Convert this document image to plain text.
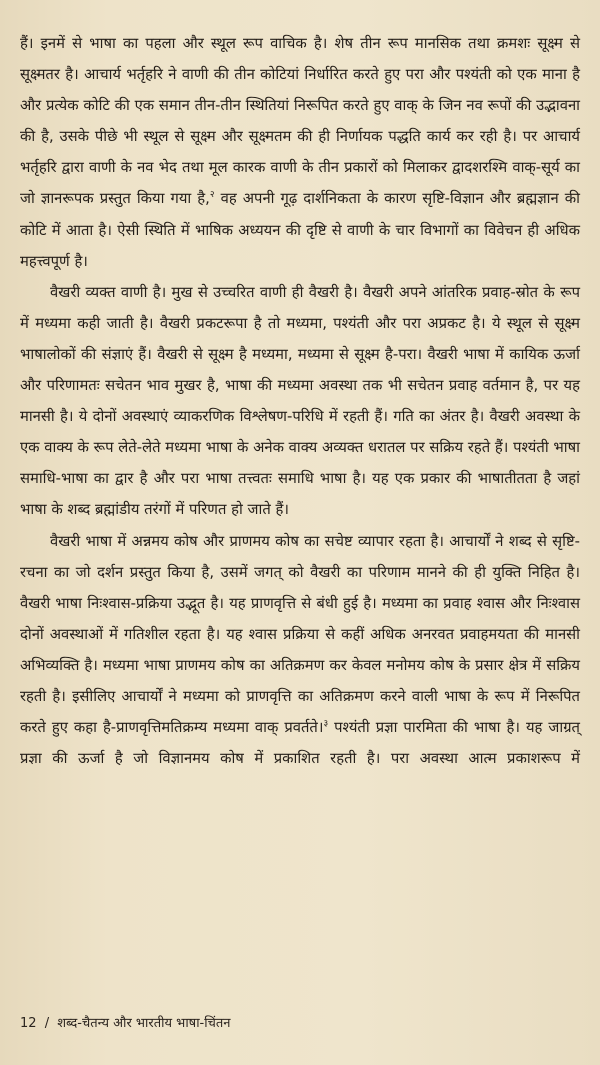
हैं। इनमें से भाषा का पहला और स्थूल रूप वाचिक है। शेष तीन रूप मानसिक तथा क्रमशः सूक्ष्म से सूक्ष्मतर है। आचार्य भर्तृहरि ने वाणी की तीन कोटियां निर्धारित करते हुए परा और पश्यंती को एक माना है और प्रत्येक कोटि की एक समान तीन-तीन स्थितियां निरूपित करते हुए वाक् के जिन नव रूपों की उद्भावना की है, उसके पीछे भी स्थूल से सूक्ष्म और सूक्ष्मतम की ही निर्णायक पद्धति कार्य कर रही है। पर आचार्य भर्तृहरि द्वारा वाणी के नव भेद तथा मूल कारक वाणी के तीन प्रकारों को मिलाकर द्वादशरश्मि वाक्-सूर्य का जो ज्ञानरूपक प्रस्तुत किया गया है,$^२$ वह अपनी गूढ़ दार्शनिकता के कारण सृष्टि-विज्ञान और ब्रह्मज्ञान की कोटि में आता है। ऐसी स्थिति में भाषिक अध्ययन की दृष्टि से वाणी के चार विभागों का विवेचन ही अधिक महत्त्वपूर्ण है।

वैखरी व्यक्त वाणी है। मुख से उच्चरित वाणी ही वैखरी है। वैखरी अपने आंतरिक प्रवाह-स्रोत के रूप में मध्यमा कही जाती है। वैखरी प्रकटरूपा है तो मध्यमा, पश्यंती और परा अप्रकट है। ये स्थूल से सूक्ष्म भाषालोकों की संज्ञाएं हैं। वैखरी से सूक्ष्म है मध्यमा, मध्यमा से सूक्ष्म है-परा। वैखरी भाषा में कायिक ऊर्जा और परिणामतः सचेतन भाव मुखर है, भाषा की मध्यमा अवस्था तक भी सचेतन प्रवाह वर्तमान है, पर यह मानसी है। ये दोनों अवस्थाएं व्याकरणिक विश्लेषण-परिधि में रहती हैं। गति का अंतर है। वैखरी अवस्था के एक वाक्य के रूप लेते-लेते मध्यमा भाषा के अनेक वाक्य अव्यक्त धरातल पर सक्रिय रहते हैं। पश्यंती भाषा समाधि-भाषा का द्वार है और परा भाषा तत्त्वतः समाधि भाषा है। यह एक प्रकार की भाषातीतता है जहां भाषा के शब्द ब्रह्मांडीय तरंगों में परिणत हो जाते हैं।

वैखरी भाषा में अन्नमय कोष और प्राणमय कोष का सचेष्ट व्यापार रहता है। आचार्यों ने शब्द से सृष्टि-रचना का जो दर्शन प्रस्तुत किया है, उसमें जगत् को वैखरी का परिणाम मानने की ही युक्ति निहित है। वैखरी भाषा निःश्वास-प्रक्रिया उद्भूत है। यह प्राणवृत्ति से बंधी हुई है। मध्यमा का प्रवाह श्वास और निःश्वास दोनों अवस्थाओं में गतिशील रहता है। यह श्वास प्रक्रिया से कहीं अधिक अनरवत प्रवाहमयता की मानसी अभिव्यक्ति है। मध्यमा भाषा प्राणमय कोष का अतिक्रमण कर केवल मनोमय कोष के प्रसार क्षेत्र में सक्रिय रहती है। इसीलिए आचार्यों ने मध्यमा को प्राणवृत्ति का अतिक्रमण करने वाली भाषा के रूप में निरूपित करते हुए कहा है-प्राणवृत्तिमतिक्रम्य मध्यमा वाक् प्रवर्तते।$^३$ पश्यंती प्रज्ञा पारमिता की भाषा है। यह जाग्रत् प्रज्ञा की ऊर्जा है जो विज्ञानमय कोष में प्रकाशित रहती है। परा अवस्था आत्म प्रकाशरूप में

12 / शब्द-चैतन्य और भारतीय भाषा-चिंतन
